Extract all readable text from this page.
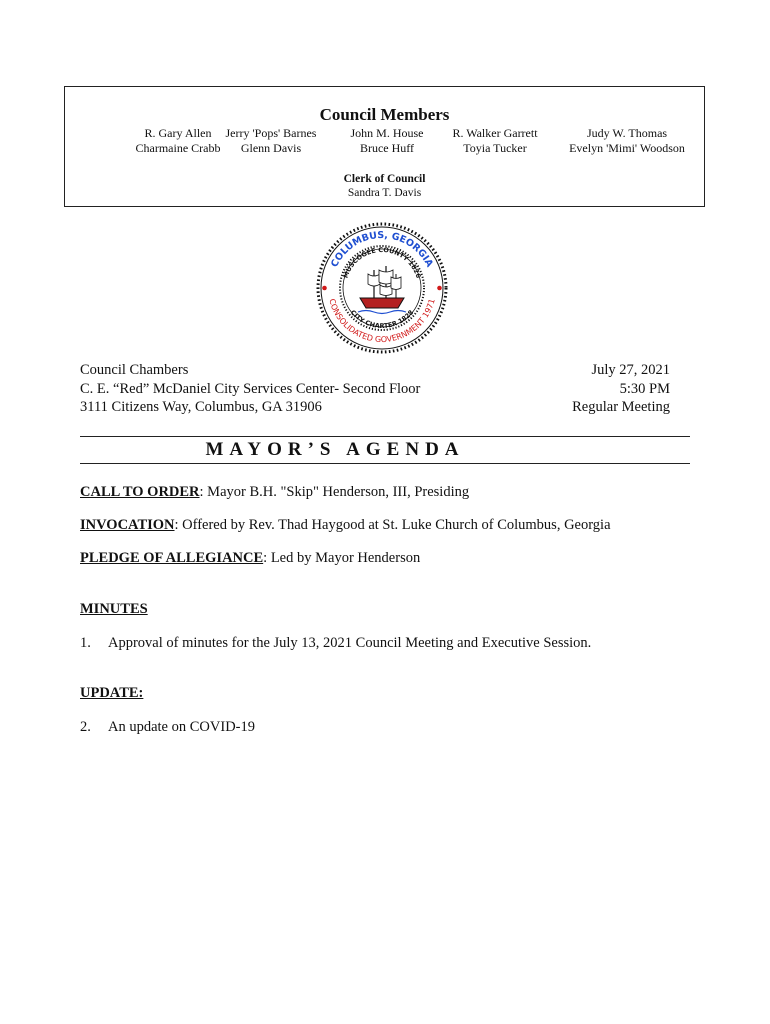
Council Members
R. Gary Allen
Charmaine Crabb
Jerry 'Pops' Barnes
Glenn Davis
John M. House
Bruce Huff
R. Walker Garrett
Toyia Tucker
Judy W. Thomas
Evelyn 'Mimi' Woodson
Clerk of Council
Sandra T. Davis
COLUMBUS, GEORGIA
CONSOLIDATED GOVERNMENT 1971
MUSCOGEE COUNTY 1826
CITY CHARTER 1828
Council Chambers
C. E. “Red” McDaniel City Services Center- Second Floor
3111 Citizens Way, Columbus, GA 31906
July 27, 2021
5:30 PM
Regular Meeting
MAYOR’S AGENDA
CALL TO ORDER: Mayor B.H. "Skip" Henderson, III, Presiding
INVOCATION: Offered by Rev. Thad Haygood at St. Luke Church of Columbus, Georgia
PLEDGE OF ALLEGIANCE: Led by Mayor Henderson
MINUTES
1. Approval of minutes for the July 13, 2021 Council Meeting and Executive Session.
UPDATE:
2. An update on COVID-19
